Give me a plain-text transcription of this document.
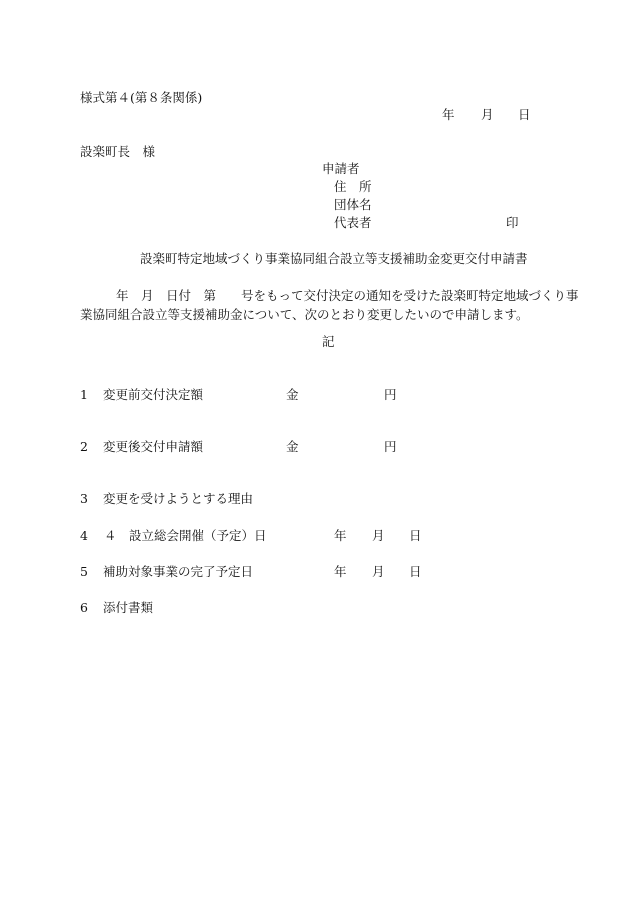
様式第４(第８条関係)
年 月 日
設楽町長　様
申請者
住　所
団体名
代表者	印
設楽町特定地域づくり事業協同組合設立等支援補助金変更交付申請書
年　月　日付　第　　号をもって交付決定の通知を受けた設楽町特定地域づくり事
業協同組合設立等支援補助金について、次のとおり変更したいので申請します。
記
1 変更前交付決定額	金	円
2 変更後交付申請額	金	円
3 変更を受けようとする理由
4 ４　設立総会開催（予定）日	年 月 日
5 補助対象事業の完了予定日	年 月 日
6 添付書類
